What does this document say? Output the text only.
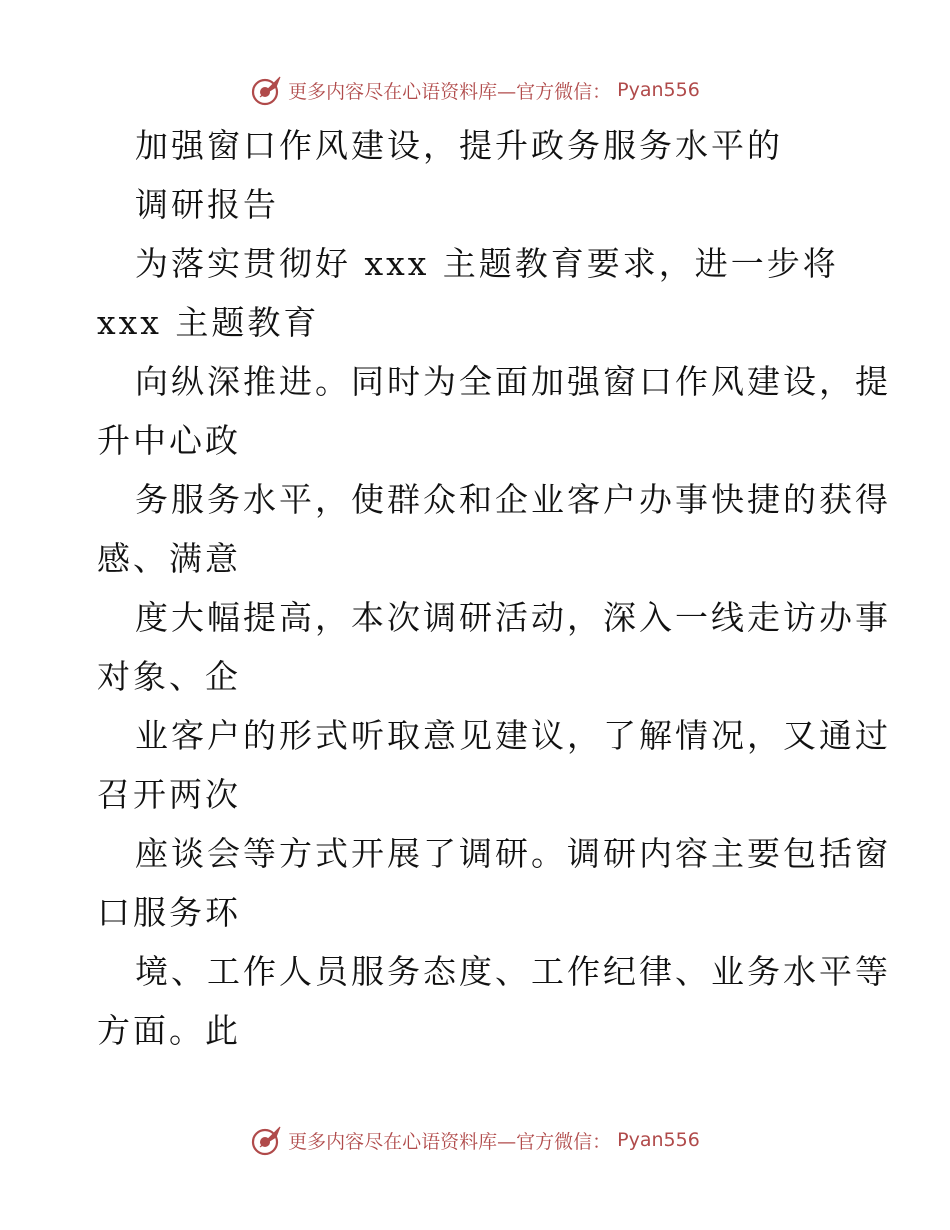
更多内容尽在心语资料库—官方微信： Pyan556
加强窗口作风建设，提升政务服务水平的
调研报告
为落实贯彻好 xxx 主题教育要求，进一步将
xxx 主题教育
向纵深推进。同时为全面加强窗口作风建设，提
升中心政
务服务水平，使群众和企业客户办事快捷的获得
感、满意
度大幅提高，本次调研活动，深入一线走访办事
对象、企
业客户的形式听取意见建议，了解情况，又通过
召开两次
座谈会等方式开展了调研。调研内容主要包括窗
口服务环
境、工作人员服务态度、工作纪律、业务水平等
方面。此
更多内容尽在心语资料库—官方微信： Pyan556
